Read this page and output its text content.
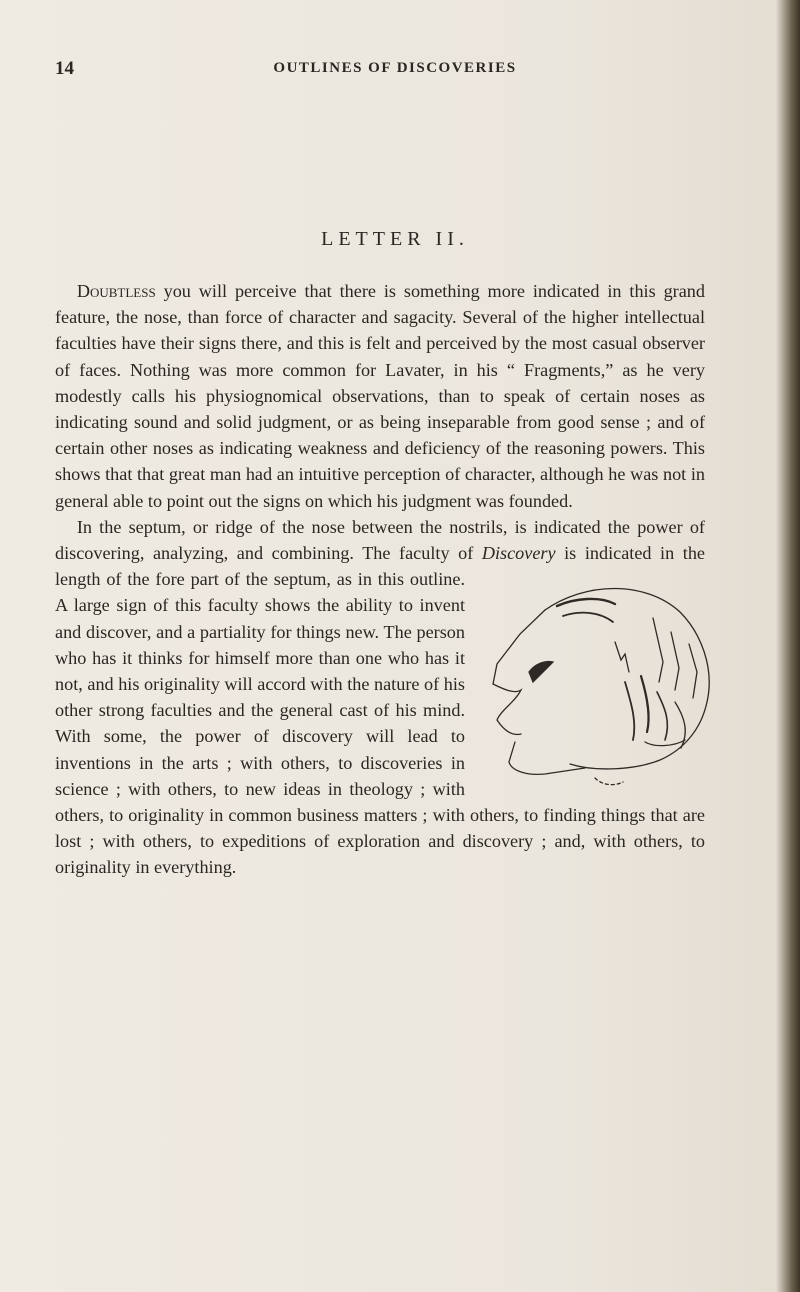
14	OUTLINES OF DISCOVERIES
LETTER II.

Doubtless you will perceive that there is something more indicated in this grand feature, the nose, than force of character and sagacity. Several of the higher intellectual faculties have their signs there, and this is felt and perceived by the most casual observer of faces. Nothing was more common for Lavater, in his “ Fragments,” as he very modestly calls his physiognomical observations, than to speak of certain noses as indicating sound and solid judgment, or as being inseparable from good sense ; and of certain other noses as indicating weakness and deficiency of the reasoning powers. This shows that that great man had an intuitive perception of character, although he was not in general able to point out the signs on which his judgment was founded.

In the septum, or ridge of the nose between the nostrils, is indicated the power of discovering, analyzing, and combining. The faculty of Discovery
is indicated in the length of the fore part of the septum, as in this outline. A large sign of this faculty shows the ability to invent and discover, and a partiality for things new. The person who has it thinks for himself more than one who has it not, and his originality will accord with the nature of his other strong faculties and the general cast of his mind. With some, the power of discovery will lead to inventions in the arts ; with others, to discoveries in science ; with others, to new ideas in theology ; with others, to originality in common business matters ; with others, to finding things that are lost ; with others, to expeditions of exploration and discovery ; and, with others, to originality in everything.
